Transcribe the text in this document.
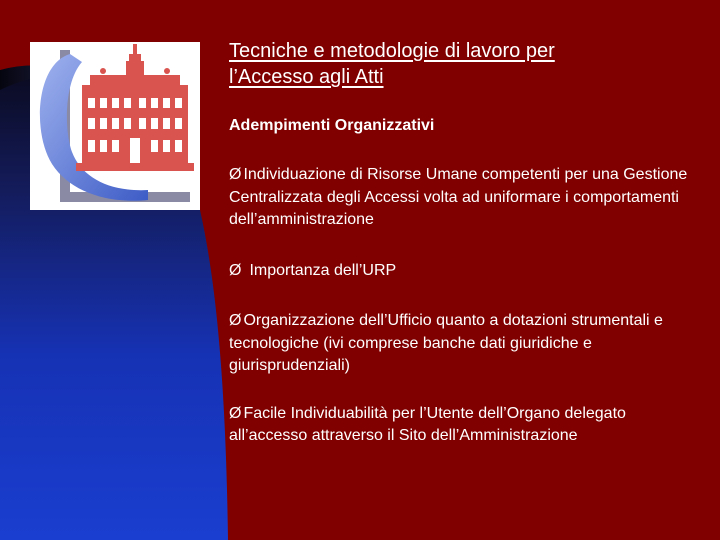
Tecniche e metodologie di lavoro per
l’Accesso agli Atti
Adempimenti Organizzativi
Ø Individuazione di Risorse Umane competenti per una Gestione Centralizzata degli Accessi volta ad uniformare i comportamenti dell’amministrazione
Ø Importanza dell’URP
Ø Organizzazione dell’Ufficio quanto a dotazioni strumentali e tecnologiche (ivi comprese banche dati giuridiche e giurisprudenziali)
Ø Facile Individuabilità per l’Utente dell’Organo delegato all’accesso attraverso il Sito dell’Amministrazione
